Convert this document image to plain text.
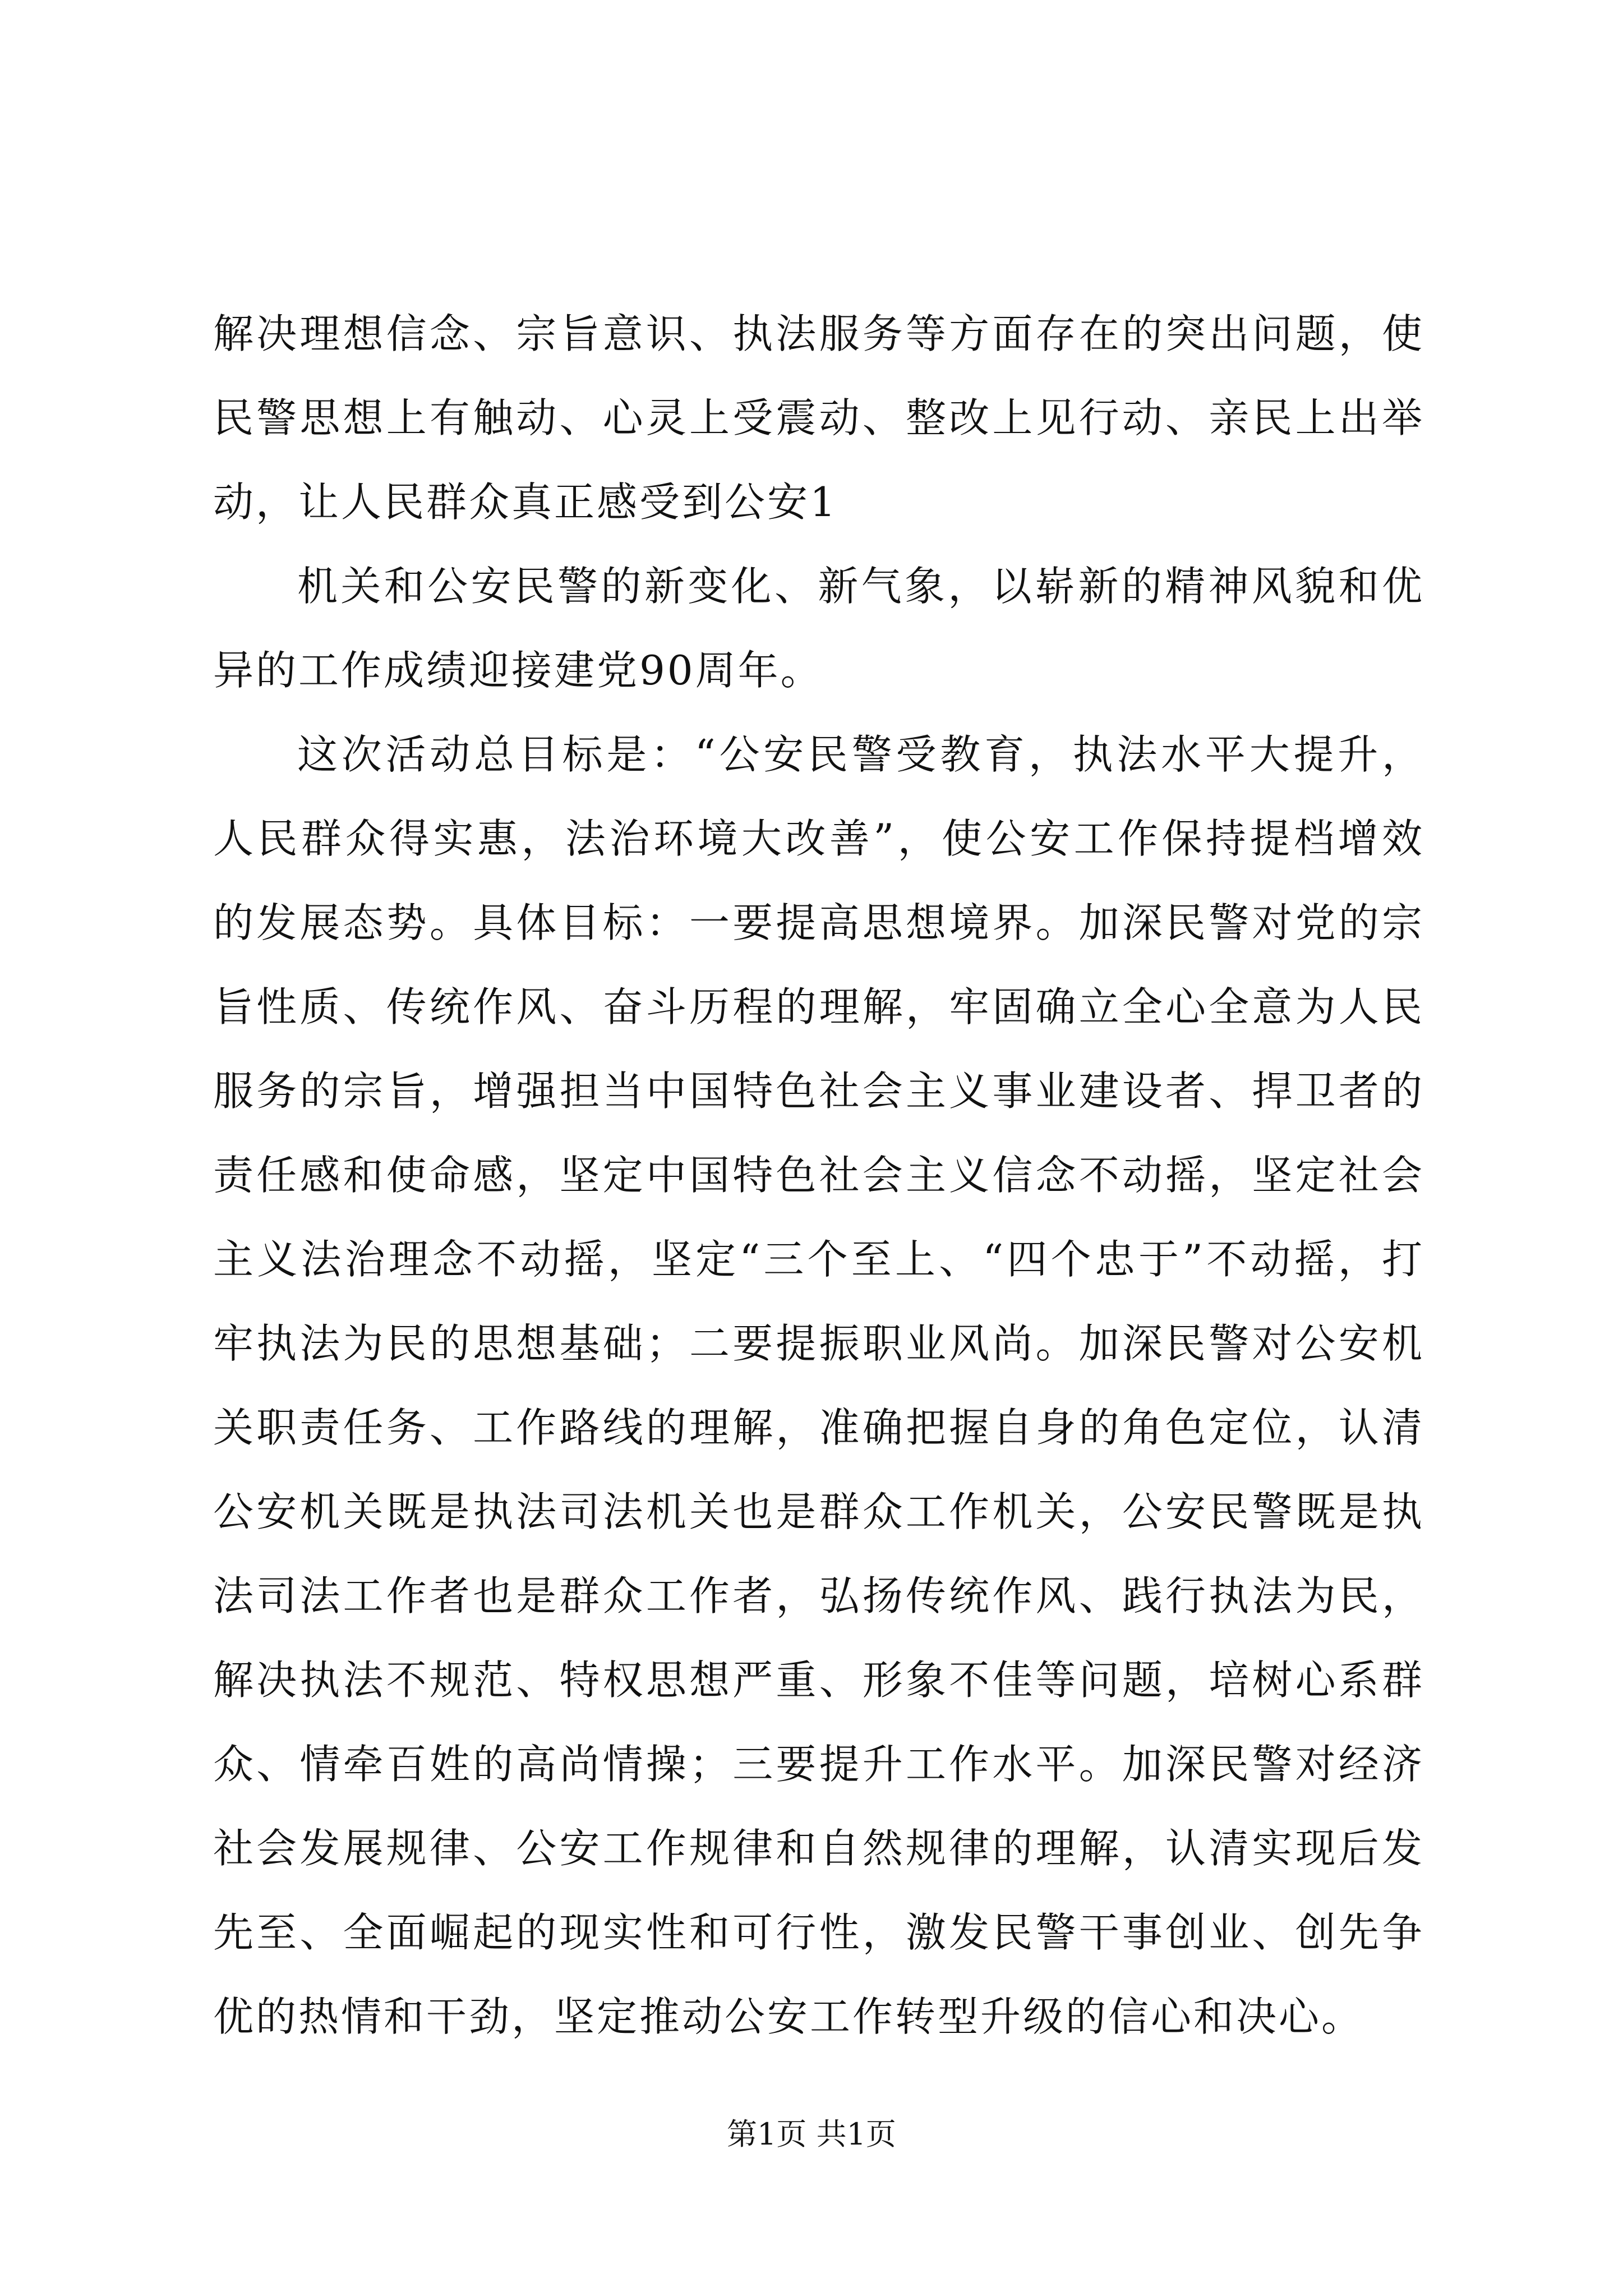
解决理想信念、宗旨意识、执法服务等方面存在的突出问题，使民警思想上有触动、心灵上受震动、整改上见行动、亲民上出举动，让人民群众真正感受到公安1

机关和公安民警的新变化、新气象，以崭新的精神风貌和优异的工作成绩迎接建党90周年。

这次活动总目标是：“公安民警受教育，执法水平大提升，人民群众得实惠，法治环境大改善”，使公安工作保持提档增效的发展态势。具体目标：一要提高思想境界。加深民警对党的宗旨性质、传统作风、奋斗历程的理解，牢固确立全心全意为人民服务的宗旨，增强担当中国特色社会主义事业建设者、捍卫者的责任感和使命感，坚定中国特色社会主义信念不动摇，坚定社会主义法治理念不动摇，坚定“三个至上、“四个忠于”不动摇，打牢执法为民的思想基础；二要提振职业风尚。加深民警对公安机关职责任务、工作路线的理解，准确把握自身的角色定位，认清公安机关既是执法司法机关也是群众工作机关，公安民警既是执法司法工作者也是群众工作者，弘扬传统作风、践行执法为民，解决执法不规范、特权思想严重、形象不佳等问题，培树心系群众、情牵百姓的高尚情操；三要提升工作水平。加深民警对经济社会发展规律、公安工作规律和自然规律的理解，认清实现后发先至、全面崛起的现实性和可行性，激发民警干事创业、创先争优的热情和干劲，坚定推动公安工作转型升级的信心和决心。

第1页 共1页
